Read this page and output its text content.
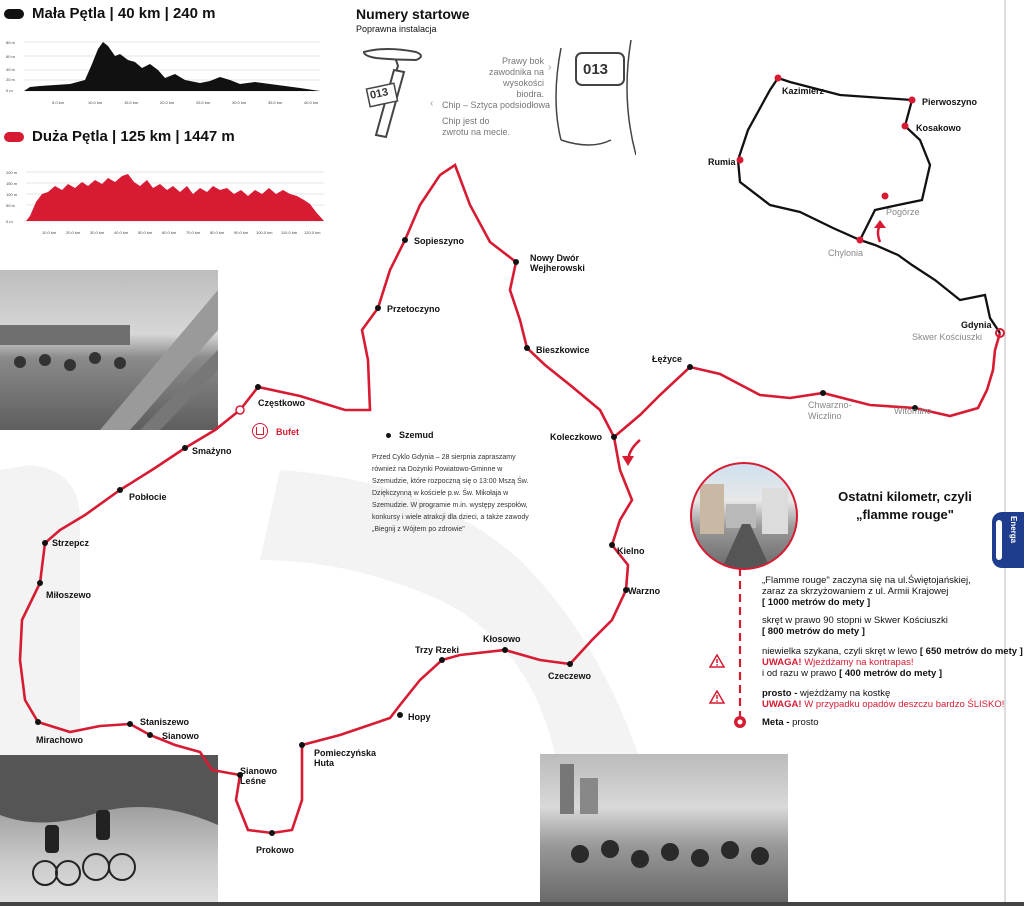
Mała Pętla | 40 km | 240 m
80 m
60 m
40 m
20 m
0 m
5.0 km	10.0 km	15.0 km	20.0 km	25.0 km	30.0 km	35.0 km	40.0 km
Duża Pętla | 125 km | 1447 m
200 m
150 m
100 m
50 m
0 m
10.0 km 20.0 km 30.0 km 40.0 km 50.0 km 60.0 km 70.0 km 80.0 km 90.0 km 100.0 km 110.0 km 120.0 km
Numery startowe
Poprawna instalacja
013
013
Prawy bok zawodnika na wysokości biodra.
›
‹ Chip – Sztyca podsiodłowa
Chip jest do zwrotu na mecie.
Bufet
Sopieszyno
Nowy Dwór Wejherowski
Przetoczyno
Bieszkowice
Częstkowo
Koleczkowo
Smażyno
Pobłocie
Strzepcz
Miłoszewo
Mirachowo
Staniszewo
Sianowo
Sianowo Leśne
Prokowo
Pomieczyńska Huta
Hopy
Trzy Rzeki
Kłosowo
Czeczewo
Warzno
Kielno
Łężyce
Kazimierz
Pierwoszyno
Kosakowo
Rumia
Gdynia
Pogórze
Chylonia
Skwer Kościuszki
Chwarzno-Wiczlino	Witomino
Szemud
Przed Cyklo Gdynia – 28 sierpnia zapraszamy również na Dożynki Powiatowo-Gminne w Szemudzie, które rozpoczną się o 13:00 Mszą Św. Dziękczynną w kościele p.w. Św. Mikołaja w Szemudzie. W programie m.in. występy zespołów, konkursy i wiele atrakcji dla dzieci, a także zawody „Biegnij z Wójtem po zdrowie"
Ostatni kilometr, czyli „flamme rouge"
„Flamme rouge" zaczyna się na ul.Świętojańskiej,
zaraz za skrzyżowaniem z ul. Armii Krajowej
[ 1000 metrów do mety ]
skręt w prawo 90 stopni w Skwer Kościuszki
[ 800 metrów do mety ]
niewielka szykana, czyli skręt w lewo [ 650 metrów do mety ]
UWAGA! Wjeżdżamy na kontrapas!
i od razu w prawo [ 400 metrów do mety ]
prosto - wjeżdżamy na kostkę
UWAGA! W przypadku opadów deszczu bardzo ŚLISKO!
Meta - prosto
Energa
